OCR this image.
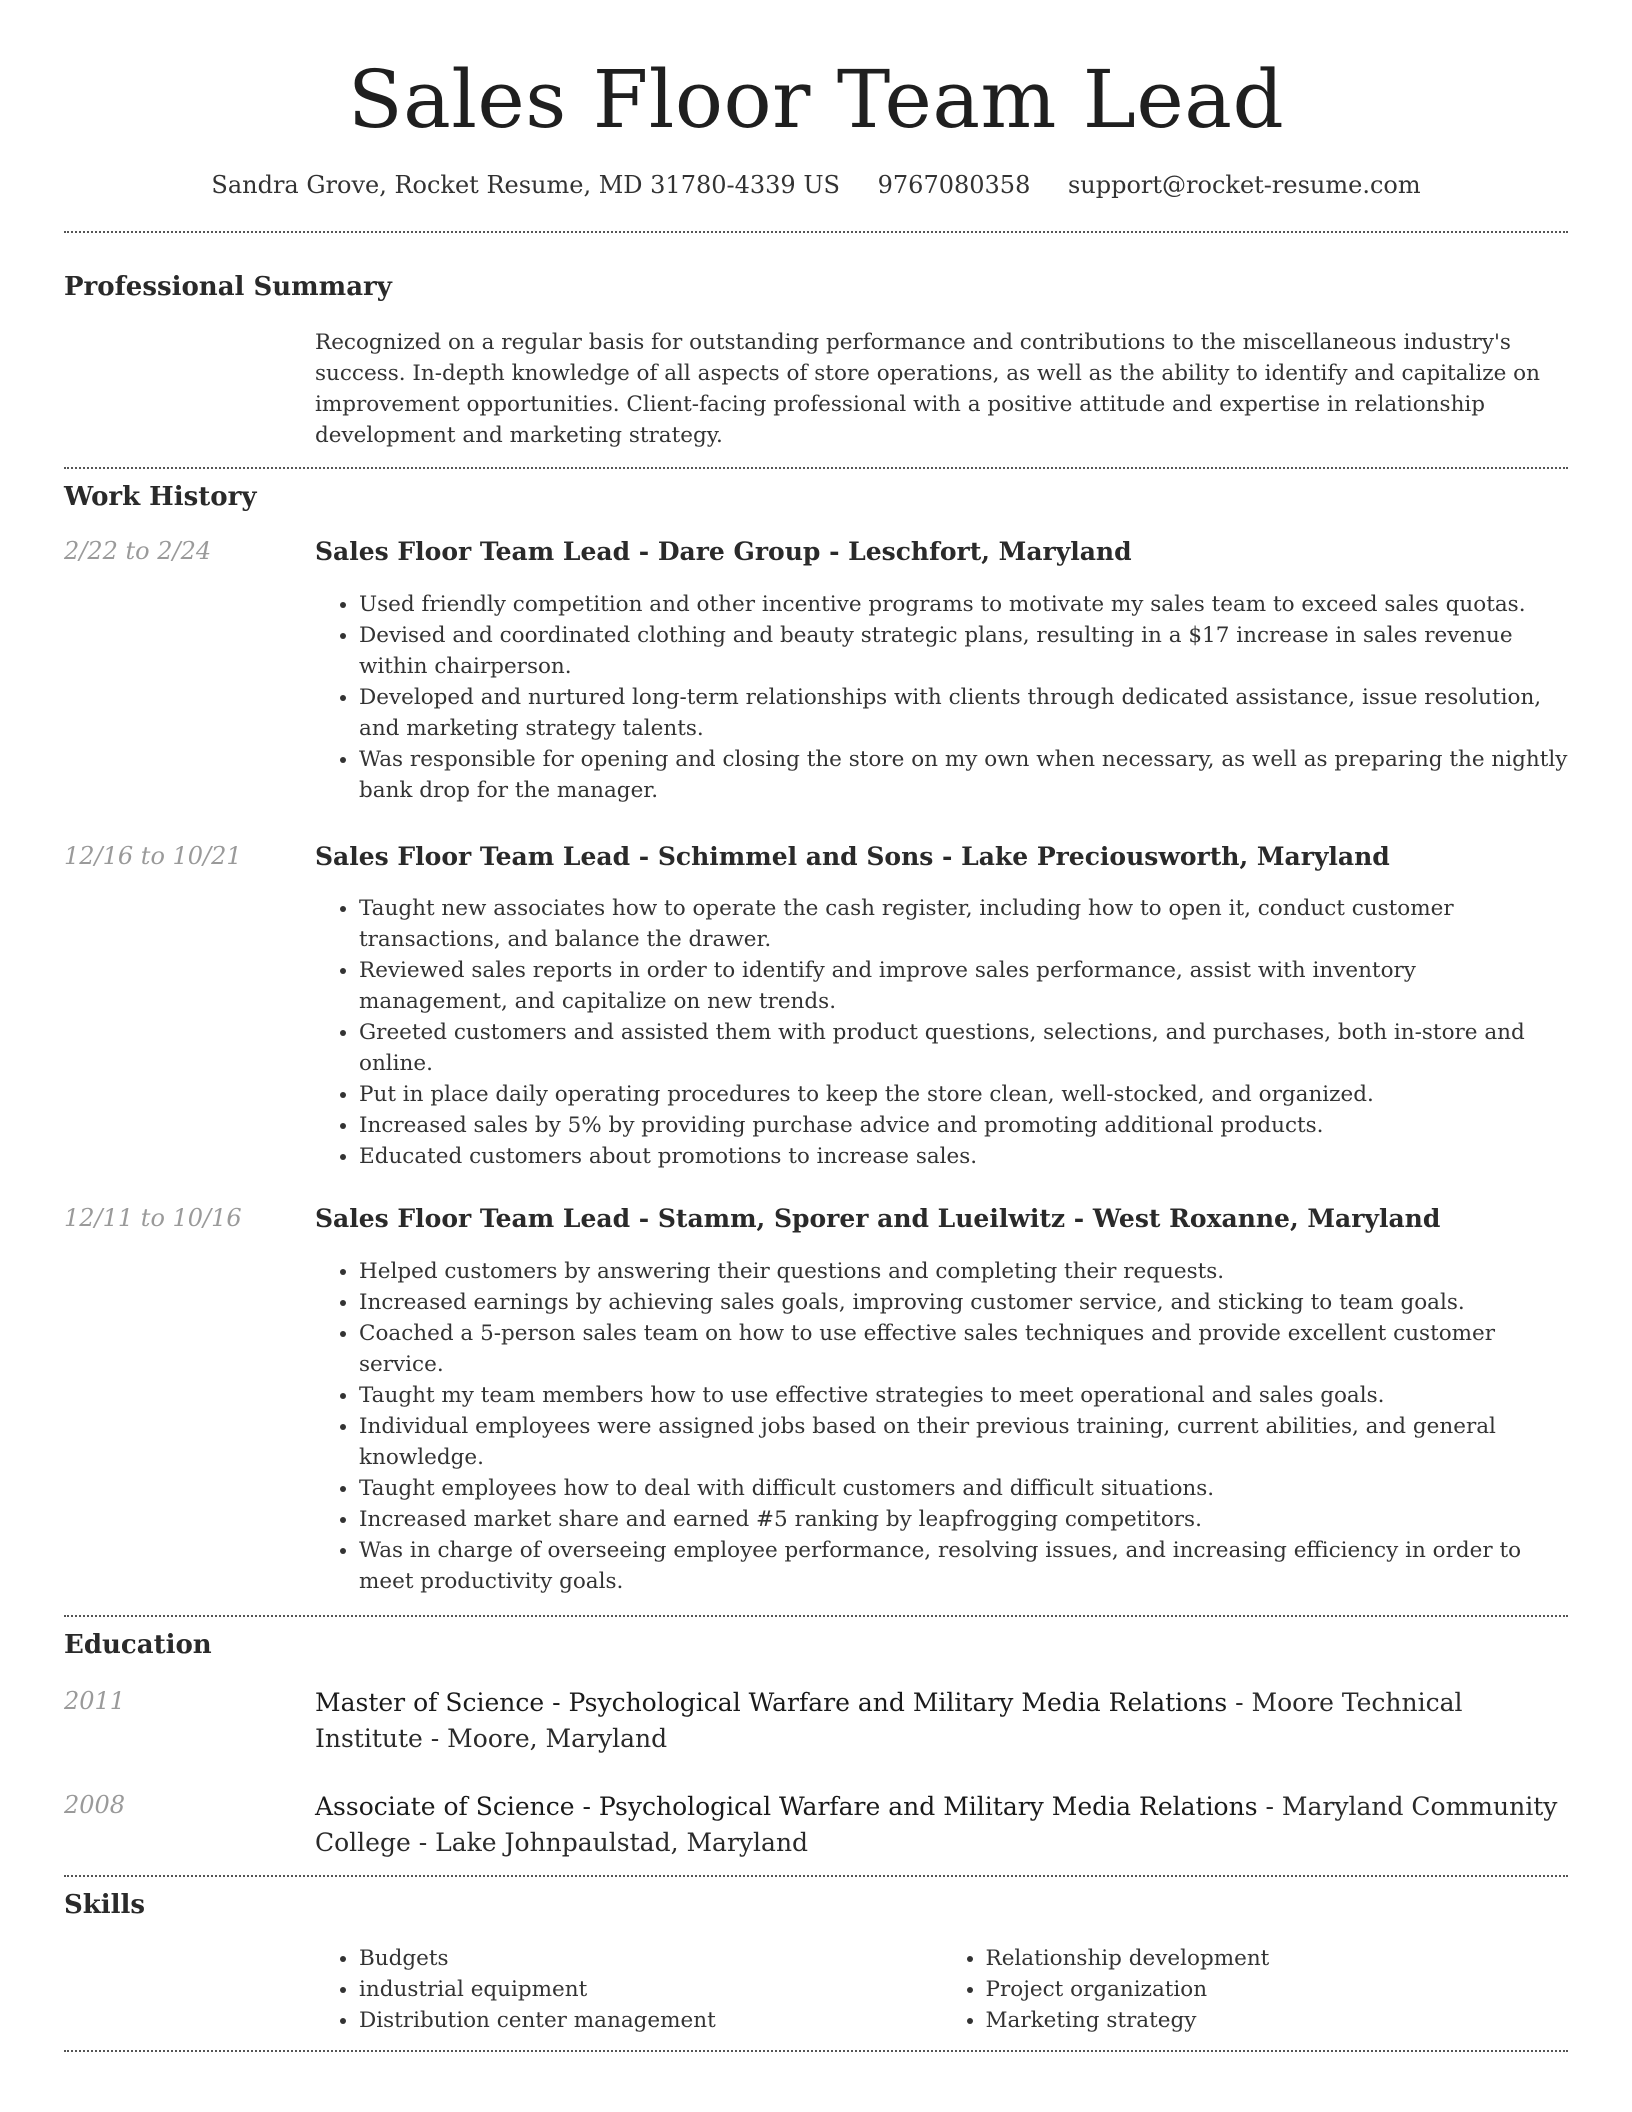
Sales Floor Team Lead
Sandra Grove, Rocket Resume, MD 31780-4339 US 9767080358 support@rocket-resume.com
Professional Summary

Recognized on a regular basis for outstanding performance and contributions to the miscellaneous industry's success. In-depth knowledge of all aspects of store operations, as well as the ability to identify and capitalize on improvement opportunities. Client-facing professional with a positive attitude and expertise in relationship development and marketing strategy.

Work History
2/22 to 2/24	Sales Floor Team Lead - Dare Group - Leschfort, Maryland
• Used friendly competition and other incentive programs to motivate my sales team to exceed sales quotas.
• Devised and coordinated clothing and beauty strategic plans, resulting in a $17 increase in sales revenue within chairperson.
• Developed and nurtured long-term relationships with clients through dedicated assistance, issue resolution, and marketing strategy talents.
• Was responsible for opening and closing the store on my own when necessary, as well as preparing the nightly bank drop for the manager.
12/16 to 10/21	Sales Floor Team Lead - Schimmel and Sons - Lake Preciousworth, Maryland
• Taught new associates how to operate the cash register, including how to open it, conduct customer transactions, and balance the drawer.
• Reviewed sales reports in order to identify and improve sales performance, assist with inventory management, and capitalize on new trends.
• Greeted customers and assisted them with product questions, selections, and purchases, both in-store and online.
• Put in place daily operating procedures to keep the store clean, well-stocked, and organized.
• Increased sales by 5% by providing purchase advice and promoting additional products.
• Educated customers about promotions to increase sales.
12/11 to 10/16	Sales Floor Team Lead - Stamm, Sporer and Lueilwitz - West Roxanne, Maryland
• Helped customers by answering their questions and completing their requests.
• Increased earnings by achieving sales goals, improving customer service, and sticking to team goals.
• Coached a 5-person sales team on how to use effective sales techniques and provide excellent customer service.
• Taught my team members how to use effective strategies to meet operational and sales goals.
• Individual employees were assigned jobs based on their previous training, current abilities, and general knowledge.
• Taught employees how to deal with difficult customers and difficult situations.
• Increased market share and earned #5 ranking by leapfrogging competitors.
• Was in charge of overseeing employee performance, resolving issues, and increasing efficiency in order to meet productivity goals.
Education
2011	Master of Science - Psychological Warfare and Military Media Relations - Moore Technical Institute - Moore, Maryland

2008	Associate of Science - Psychological Warfare and Military Media Relations - Maryland Community College - Lake Johnpaulstad, Maryland

Skills
• Budgets
• industrial equipment
• Distribution center management
• Relationship development
• Project organization
• Marketing strategy
